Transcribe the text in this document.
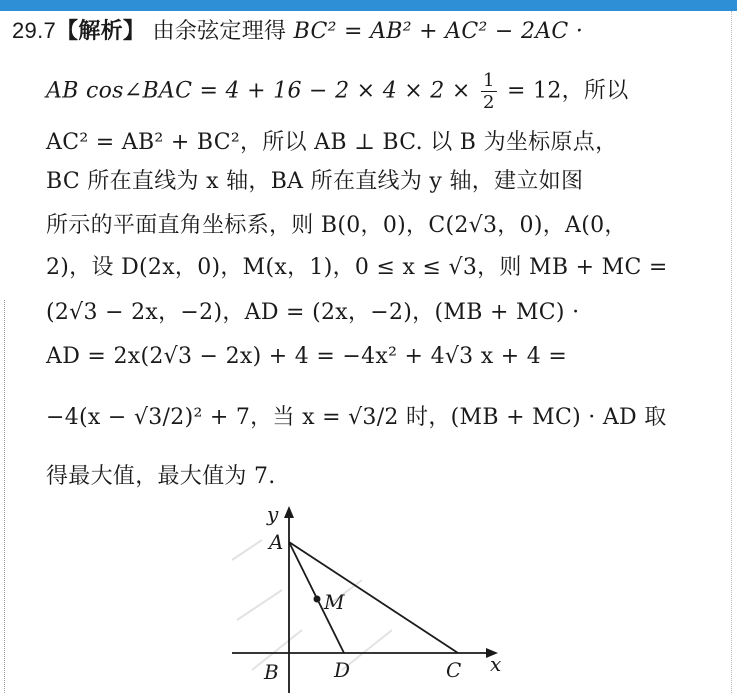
29.7【解析】 由余弦定理得 BC² = AB² + AC² − 2AC ·
AB cos∠BAC = $4 + 16 - 2 \times 4 \times 2 \times \frac{1}{2} = 12$，所以
AC² = AB² + BC²，所以 AB ⊥ BC. 以 B 为坐标原点，
BC 所在直线为 x 轴，BA 所在直线为 y 轴，建立如图
所示的平面直角坐标系，则 B(0，0)，C(2√3，0)，A(0，
2)，设 D(2x，0)，M(x，1)，0 ≤ x ≤ √3，则 MB + MC =
(2√3 − 2x，−2)，AD = (2x，−2)，(MB + MC) ·
AD = 2x(2√3 − 2x) + 4 = −4x² + 4√3 x + 4 =
−4(x − √3/2)² + 7，当 x = √3/2 时，(MB + MC) · AD 取
得最大值，最大值为 7.
y
x
A
B	D	C
M
